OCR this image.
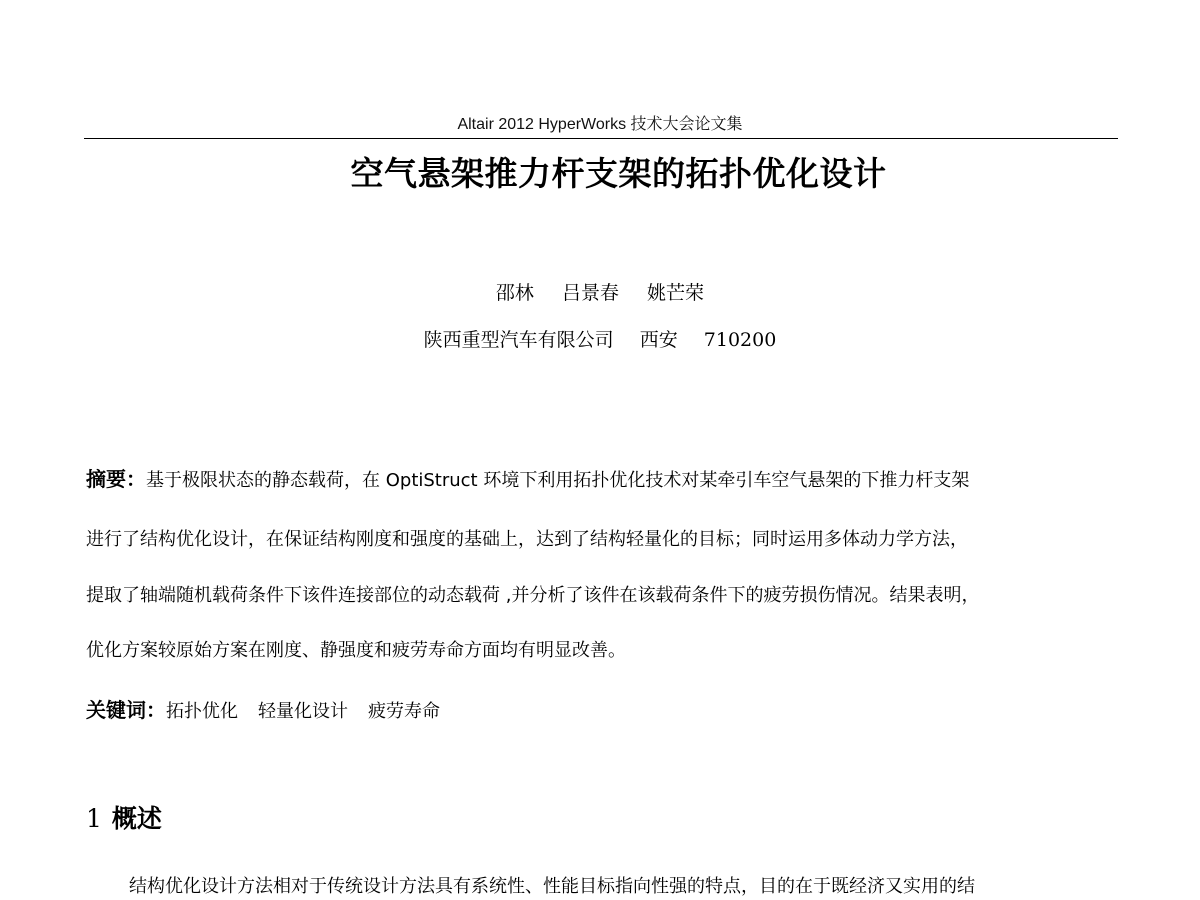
Altair 2012 HyperWorks 技术大会论文集
空气悬架推力杆支架的拓扑优化设计
邵林 吕景春 姚芒荣
陕西重型汽车有限公司 西安 710200
摘要：基于极限状态的静态载荷，在 OptiStruct 环境下利用拓扑优化技术对某牵引车空气悬架的下推力杆支架
进行了结构优化设计，在保证结构刚度和强度的基础上，达到了结构轻量化的目标；同时运用多体动力学方法，
提取了轴端随机载荷条件下该件连接部位的动态载荷 ,并分析了该件在该载荷条件下的疲劳损伤情况。结果表明，
优化方案较原始方案在刚度、静强度和疲劳寿命方面均有明显改善。
关键词：拓扑优化 轻量化设计 疲劳寿命
1 概述
结构优化设计方法相对于传统设计方法具有系统性、性能目标指向性强的特点，目的在于既经济又实用的结
